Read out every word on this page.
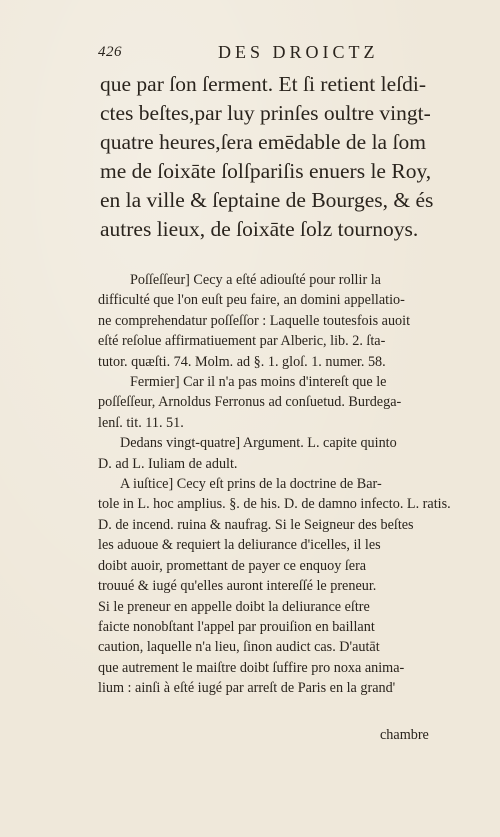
426	DES DROICTZ
que par ſon ſerment. Et ſi retient leſdi-
ctes beſtes,par luy prinſes oultre vingt-
quatre heures,ſera emēdable de la ſom
me de ſoixāte ſolſpariſis enuers le Roy,
en la ville & ſeptaine de Bourges, & és
autres lieux, de ſoixāte ſolz tournoys.
Poſſeſſeur] Cecy a eſté adiouſté pour rollir la
difficulté que l'on euſt peu faire, an domini appellatio-
ne comprehendatur poſſeſſor : Laquelle toutesfois auoit
eſté reſolue affirmatiuement par Alberic, lib. 2. ſta-
tutor. quæſti. 74. Molm. ad §. 1. gloſ. 1. numer. 58.
Fermier] Car il n'a pas moins d'intereſt que le
poſſeſſeur, Arnoldus Ferronus ad conſuetud. Burdega-
lenſ. tit. 11. 51.
Dedans vingt-quatre] Argument. L. capite quinto
D. ad L. Iuliam de adult.
A iuſtice] Cecy eſt prins de la doctrine de Bar-
tole in L. hoc amplius. §. de his. D. de damno infecto. L. ratis.
D. de incend. ruina & naufrag. Si le Seigneur des beſtes
les aduoue & requiert la deliurance d'icelles, il les
doibt auoir, promettant de payer ce enquoy ſera
trouué & iugé qu'elles auront intereſſé le preneur.
Si le preneur en appelle doibt la deliurance eſtre
faicte nonobſtant l'appel par prouiſion en baillant
caution, laquelle n'a lieu, ſinon audict cas. D'autāt
que autrement le maiſtre doibt ſuffire pro noxa anima-
lium : ainſi à eſté iugé par arreſt de Paris en la grand'
chambre
